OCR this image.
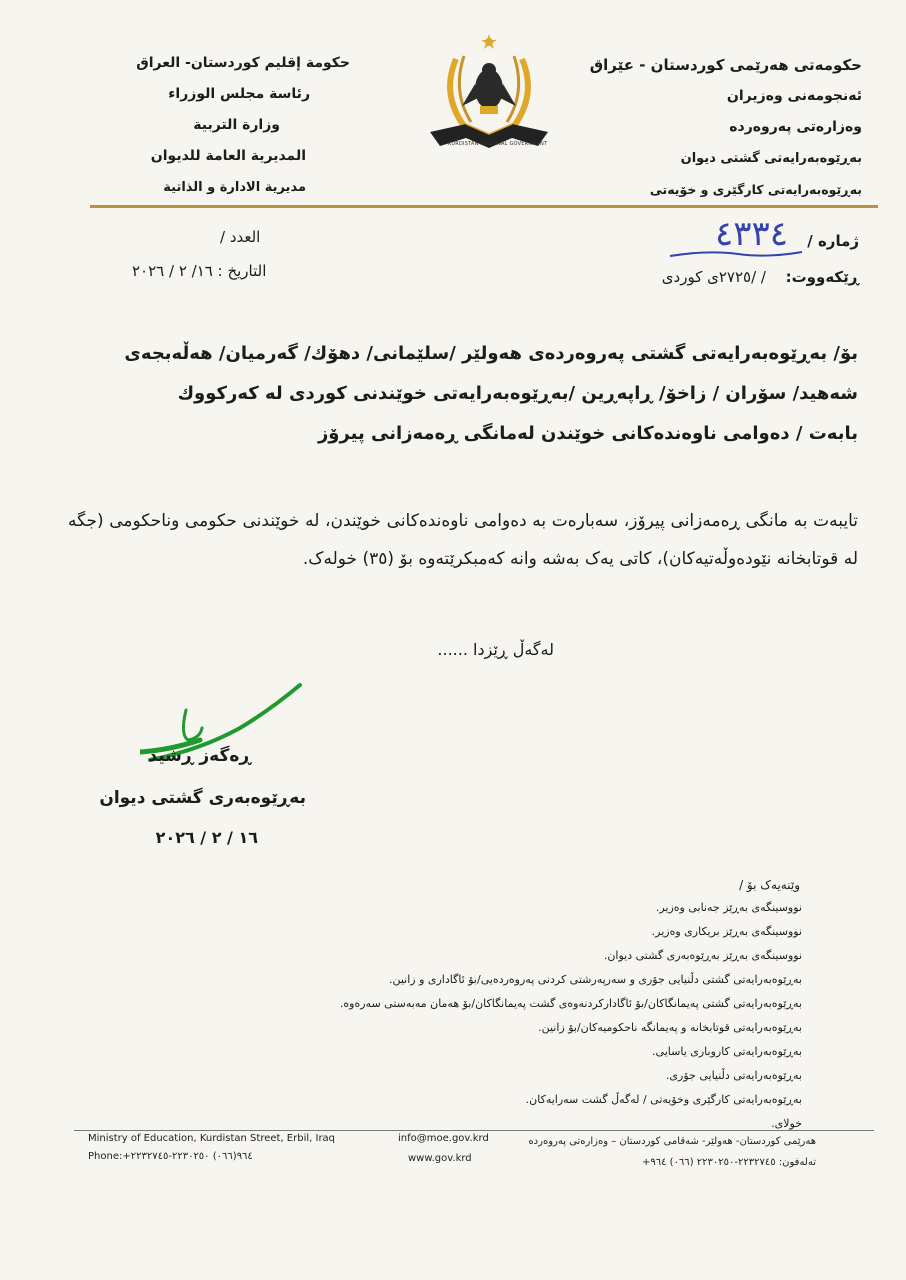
حكومەتی هەرێمی كوردستان - عێراق
ئەنجومەنی وەزیران
وەزارەتی پەروەردە
بەڕێوەبەرایەتی گشتی دیوان
بەڕێوەبەرایەتی كارگێری و خۆیەتی
حكومة إقليم كوردستان- العراق
رئاسة مجلس الوزراء
وزارة التربية
المديرية العامة للديوان
مديرية الادارة و الذاتية
KURDISTAN REGIONAL GOVERNMENT
ژمارە /
٤٣٣٤
ڕێكەووت:
/ /٢٧٢٥ی كوردی
العدد /
التاريخ : ١٦/ ٢ / ٢٠٢٦
بۆ/ بەڕێوەبەرایەتی گشتی پەروەردەی هەولێر /سلێمانی/ دهۆك/ گەرمیان/ هەڵەبجەی شەهید/ سۆران / زاخۆ/ ڕاپەڕین /بەڕێوەبەرایەتی خوێندنی كوردی لە كەركووك
بابەت / دەوامی ناوەندەكانی خوێندن لەمانگی ڕەمەزانی پیرۆز
تایبەت بە مانگی ڕەمەزانی پیرۆز، سەبارەت بە دەوامی ناوەندەكانی خوێندن، لە خوێندنی حكومی وناحكومی (جگە لە قوتابخانە نێودەوڵەتیەكان)، كاتی یەک بەشە وانە كەمبكرێتەوە بۆ (٣٥) خولەک.
لەگەڵ ڕێزدا ......
ڕەگەز ڕشید
بەڕێوەبەری گشتی دیوان
١٦ / ٢ / ٢٠٢٦
وێنەیەک بۆ /
نووسینگەی بەڕێز جەنابی وەزیر.
نووسینگەی بەڕێز بریكاری وەزیر.
نووسینگەی بەڕێز بەڕێوەبەری گشتی دیوان.
بەڕێوەبەرایەتی گشتی دڵنیایی جۆری و سەرپەرشتی كردنی پەروەردەیی/بۆ ئاگاداری و زانین.
بەڕێوەبەرایەتی گشتی پەیمانگاكان/بۆ ئاگادارکردنەوەی گشت پەیمانگاكان/بۆ هەمان مەبەستی سەرەوە.
بەڕێوەبەرایەتی قوتابخانە و پەیمانگە ناحكومیەكان/بۆ زانین.
بەڕێوەبەرایەتی كاروباری یاسایی.
بەڕێوەبەرایەتی دڵنیایی جۆری.
بەڕێوەبەرایەتی كارگێری وخۆیەتی / لەگەڵ گشت سەرایەكان.
خولای.
Ministry of Education, Kurdistan Street, Erbil, Iraq
Phone:+٩٦٤(٠٦٦) ٢٢٣٠٢٥٠-٢٢٣٢٧٤٥
info@moe.gov.krd
www.gov.krd
هەرێمی كوردستان- هەولێر- شەقامی كوردستان – وەزارەتی پەروەردە
تەلەفون: ٢٢٣٢٧٤٥-٢٢٣٠٢٥٠ (٠٦٦) ٩٦٤+
